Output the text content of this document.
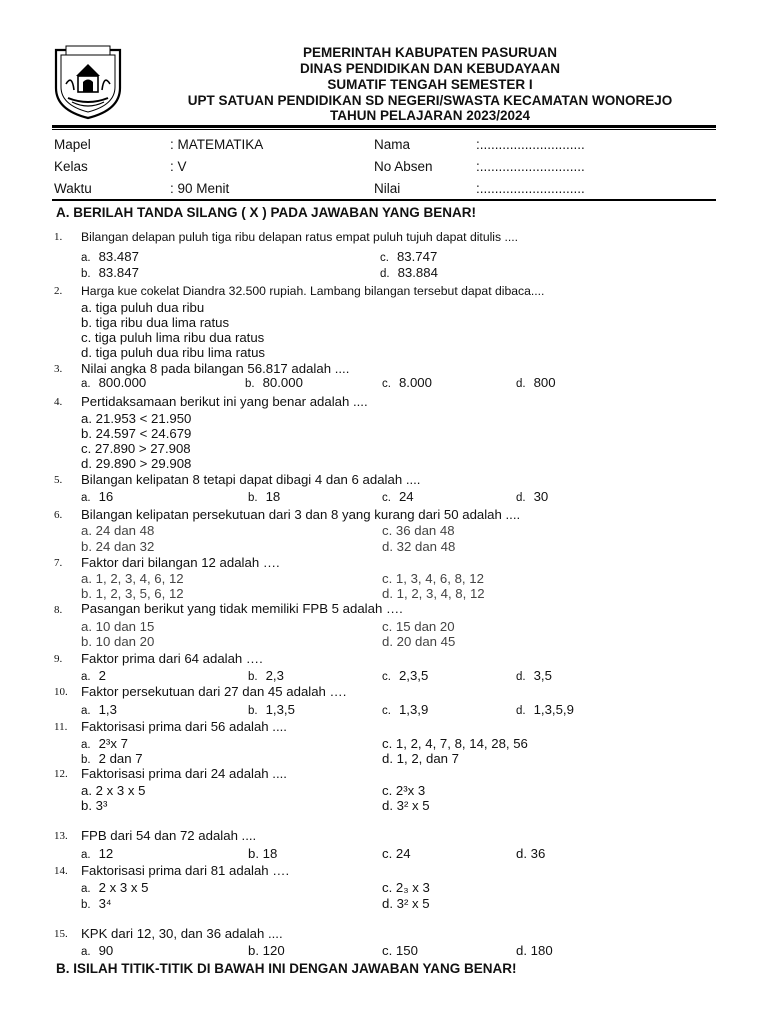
PEMERINTAH KABUPATEN PASURUAN
DINAS PENDIDIKAN DAN KEBUDAYAAN
SUMATIF TENGAH SEMESTER I
UPT SATUAN PENDIDIKAN SD NEGERI/SWASTA KECAMATAN WONOREJO
TAHUN PELAJARAN 2023/2024
Mapel	: MATEMATIKA
Kelas	: V
Waktu	: 90 Menit
Nama	:............................
No Absen	:............................
Nilai	:............................
A. BERILAH TANDA SILANG ( X ) PADA JAWABAN YANG BENAR!
1. Bilangan delapan puluh tiga ribu delapan ratus empat puluh tujuh dapat ditulis ....
a. 83.487	c. 83.747
b. 83.847	d. 83.884
2. Harga kue cokelat Diandra 32.500 rupiah. Lambang bilangan tersebut dapat dibaca....
a. tiga puluh dua ribu
b. tiga ribu dua lima ratus
c. tiga puluh lima ribu dua ratus
d. tiga puluh dua ribu lima ratus
3. Nilai angka 8 pada bilangan 56.817 adalah ....
a. 800.000	b. 80.000	c. 8.000	d. 800
4. Pertidaksamaan berikut ini yang benar adalah ....
a. 21.953 < 21.950
b. 24.597 < 24.679
c. 27.890 > 27.908
d. 29.890 > 29.908
5. Bilangan kelipatan 8 tetapi dapat dibagi 4 dan 6 adalah ....
a. 16	b. 18	c. 24	d. 30
6. Bilangan kelipatan persekutuan dari 3 dan 8 yang kurang dari 50 adalah ....
a. 24 dan 48	c. 36 dan 48
b. 24 dan 32	d. 32 dan 48
7. Faktor dari bilangan 12 adalah ….
a. 1, 2, 3, 4, 6, 12	c. 1, 3, 4, 6, 8, 12
b. 1, 2, 3, 5, 6, 12	d. 1, 2, 3, 4, 8, 12
8. Pasangan berikut yang tidak memiliki FPB 5 adalah ….
a. 10 dan 15	c. 15 dan 20
b. 10 dan 20	d. 20 dan 45
9. Faktor prima dari 64 adalah ….
a. 2	b. 2,3	c. 2,3,5	d. 3,5
10. Faktor persekutuan dari 27 dan 45 adalah ….
a. 1,3	b. 1,3,5	c. 1,3,9	d. 1,3,5,9
11. Faktorisasi prima dari 56 adalah ....
a. 2³x 7	c. 1, 2, 4, 7, 8, 14, 28, 56
b. 2 dan 7	d. 1, 2, dan 7
12. Faktorisasi prima dari 24 adalah ....
a. 2 x 3 x 5	c. 2³x 3
b. 3³	d. 3² x 5
13. FPB dari 54 dan 72 adalah ....
a. 12	b. 18	c. 24	d. 36
14. Faktorisasi prima dari 81 adalah ….
a. 2 x 3 x 5	c. 2₃ x 3
b. 3⁴	d. 3² x 5
15. KPK dari 12, 30, dan 36 adalah ....
a. 90	b. 120	c. 150	d. 180
B. ISILAH TITIK-TITIK DI BAWAH INI DENGAN JAWABAN YANG BENAR!
